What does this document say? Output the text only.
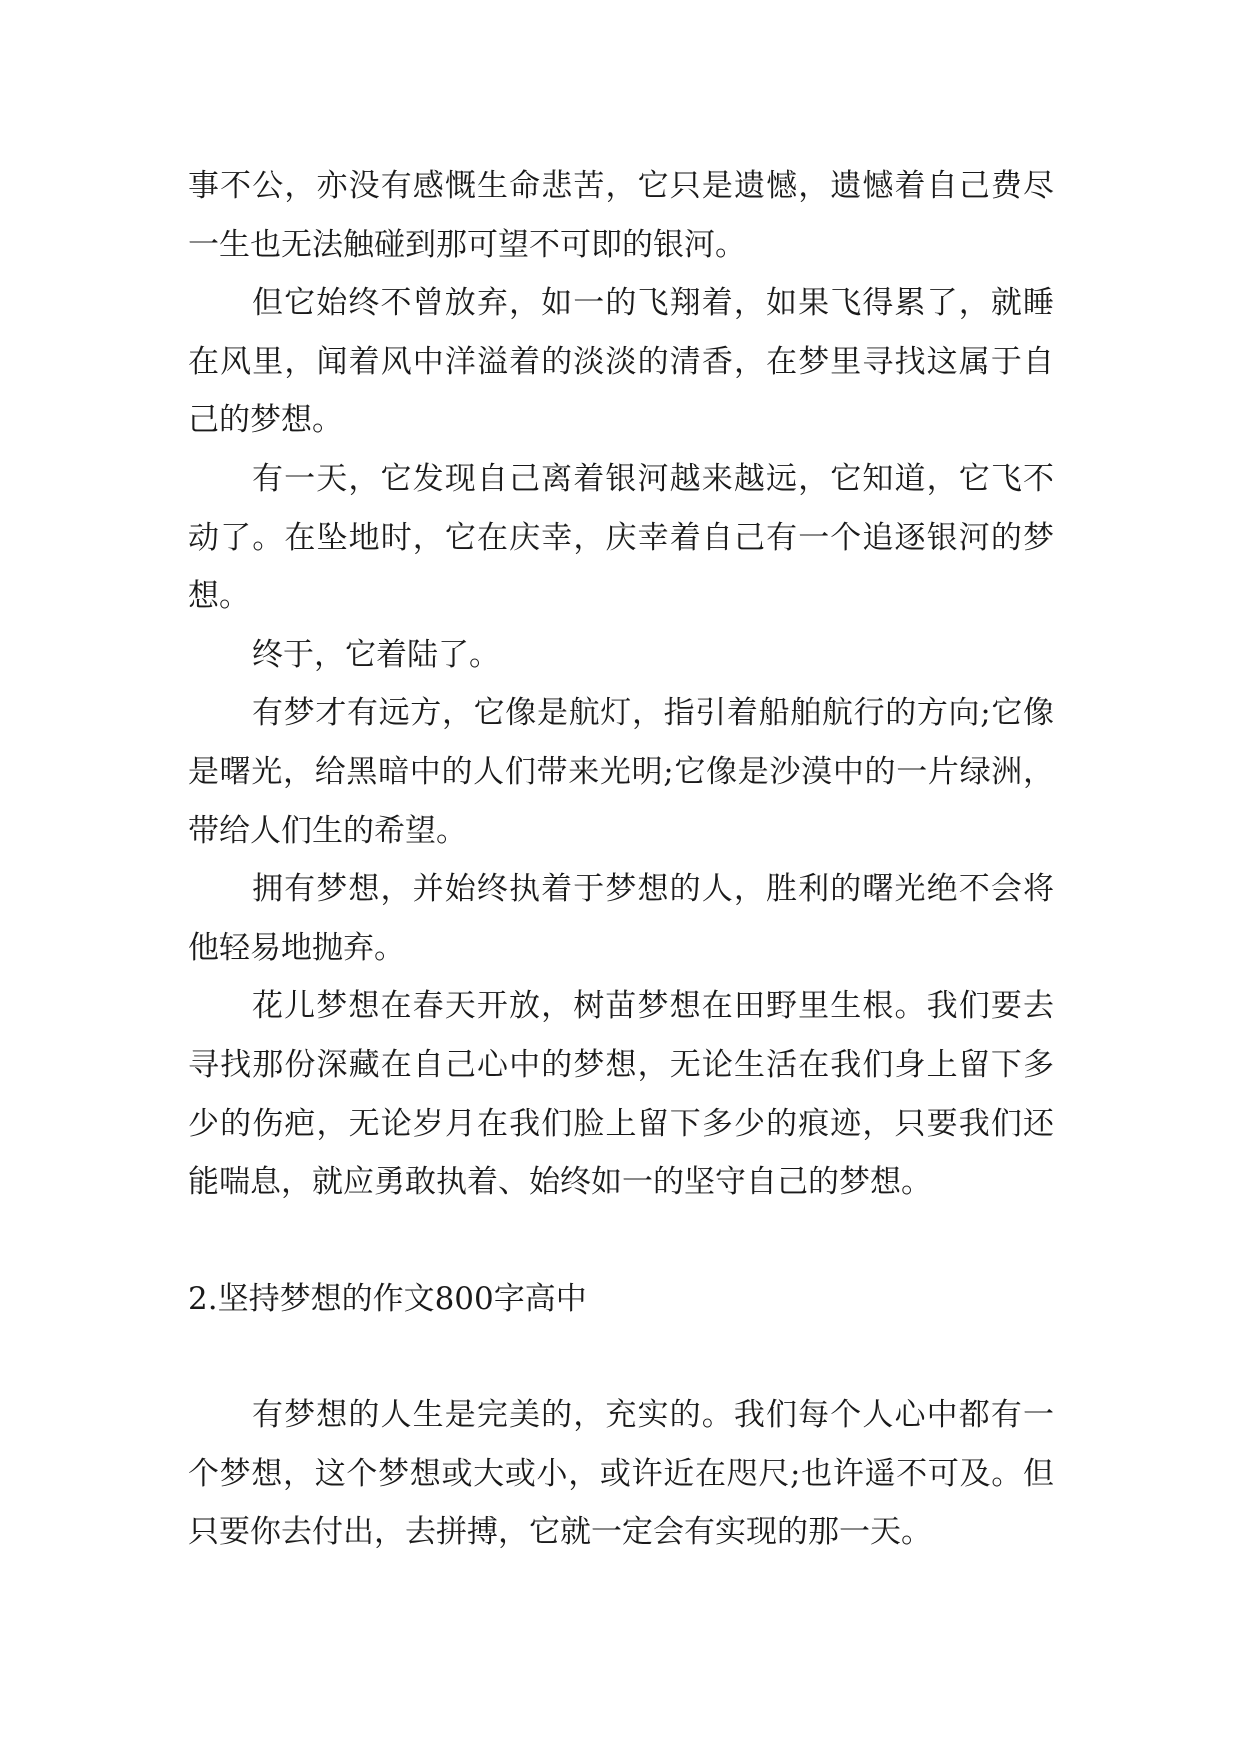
事不公，亦没有感慨生命悲苦，它只是遗憾，遗憾着自己费尽一生也无法触碰到那可望不可即的银河。

但它始终不曾放弃，如一的飞翔着，如果飞得累了，就睡在风里，闻着风中洋溢着的淡淡的清香，在梦里寻找这属于自己的梦想。

有一天，它发现自己离着银河越来越远，它知道，它飞不动了。在坠地时，它在庆幸，庆幸着自己有一个追逐银河的梦想。

终于，它着陆了。

有梦才有远方，它像是航灯，指引着船舶航行的方向;它像是曙光，给黑暗中的人们带来光明;它像是沙漠中的一片绿洲，带给人们生的希望。

拥有梦想，并始终执着于梦想的人，胜利的曙光绝不会将他轻易地抛弃。

花儿梦想在春天开放，树苗梦想在田野里生根。我们要去寻找那份深藏在自己心中的梦想，无论生活在我们身上留下多少的伤疤，无论岁月在我们脸上留下多少的痕迹，只要我们还能喘息，就应勇敢执着、始终如一的坚守自己的梦想。

2.坚持梦想的作文800字高中

有梦想的人生是完美的，充实的。我们每个人心中都有一个梦想，这个梦想或大或小，或许近在咫尺;也许遥不可及。但只要你去付出，去拼搏，它就一定会有实现的那一天。
